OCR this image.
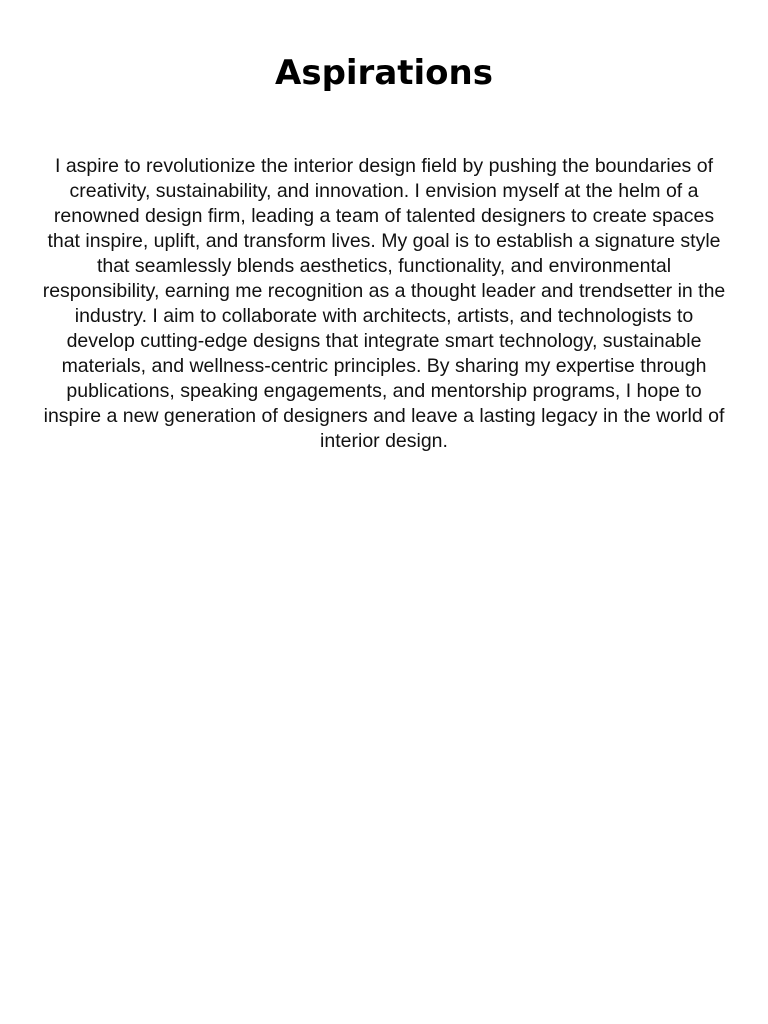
Aspirations

I aspire to revolutionize the interior design field by pushing the boundaries of creativity, sustainability, and innovation. I envision myself at the helm of a renowned design firm, leading a team of talented designers to create spaces that inspire, uplift, and transform lives. My goal is to establish a signature style that seamlessly blends aesthetics, functionality, and environmental responsibility, earning me recognition as a thought leader and trendsetter in the industry. I aim to collaborate with architects, artists, and technologists to develop cutting-edge designs that integrate smart technology, sustainable materials, and wellness-centric principles. By sharing my expertise through publications, speaking engagements, and mentorship programs, I hope to inspire a new generation of designers and leave a lasting legacy in the world of interior design.
